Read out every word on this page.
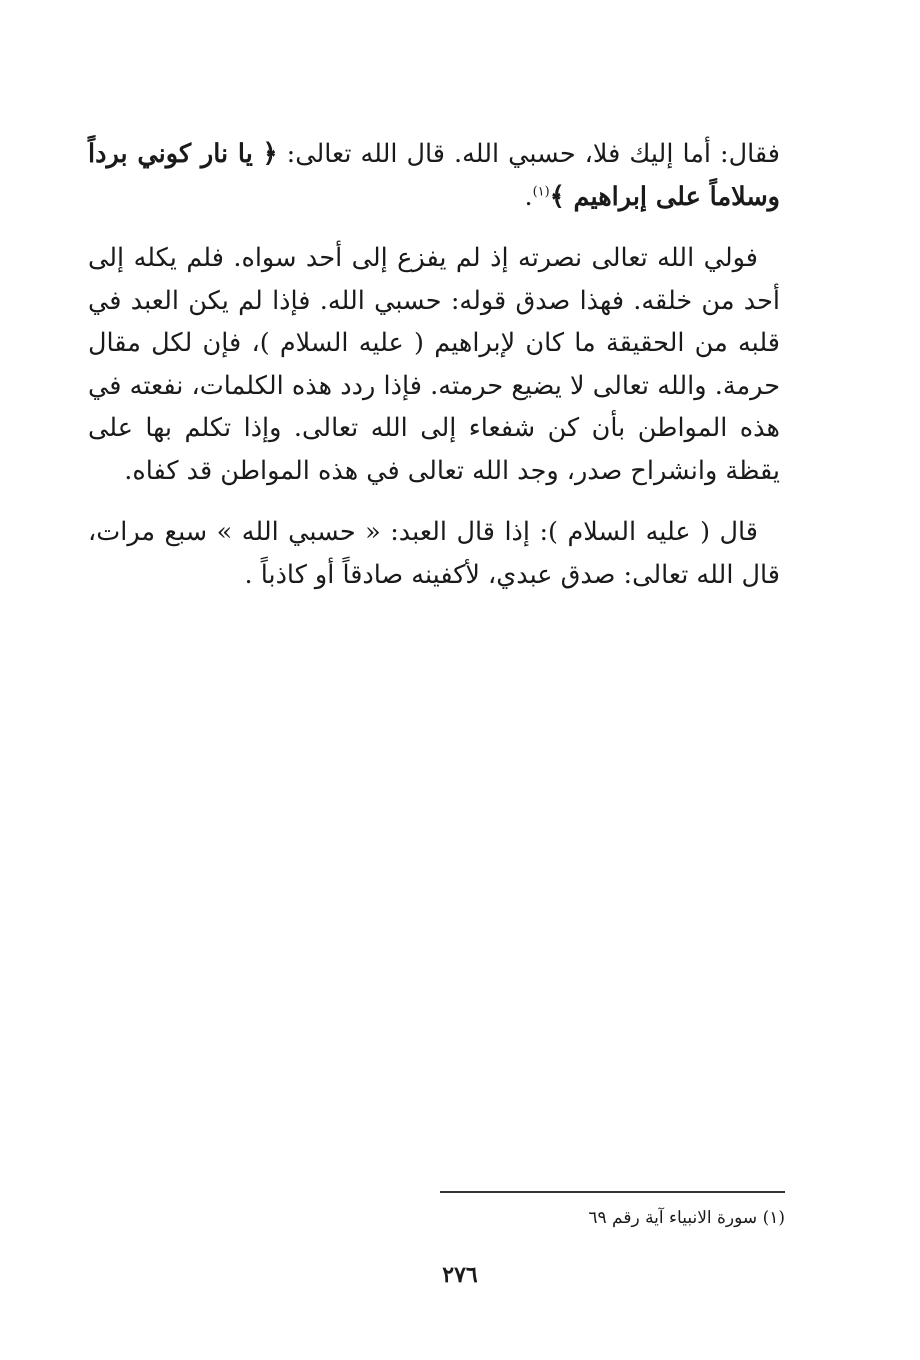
فقال: أما إليك فلا، حسبي الله. قال الله تعالى: ﴿ يا نار كوني برداً وسلاماً على إبراهيم ﴾$^{(١)}$.

فولي الله تعالى نصرته إذ لم يفزع إلى أحد سواه. فلم يكله إلى أحد من خلقه. فهذا صدق قوله: حسبي الله. فإذا لم يكن العبد في قلبه من الحقيقة ما كان لإبراهيم ( عليه السلام )، فإن لكل مقال حرمة. والله تعالى لا يضيع حرمته. فإذا ردد هذه الكلمات، نفعته في هذه المواطن بأن كن شفعاء إلى الله تعالى. وإذا تكلم بها على يقظة وانشراح صدر، وجد الله تعالى في هذه المواطن قد كفاه.

قال ( عليه السلام ): إذا قال العبد: « حسبي الله » سبع مرات، قال الله تعالى: صدق عبدي، لأكفينه صادقاً أو كاذباً .

(١) سورة الانبياء آية رقم ٦٩
٢٧٦
